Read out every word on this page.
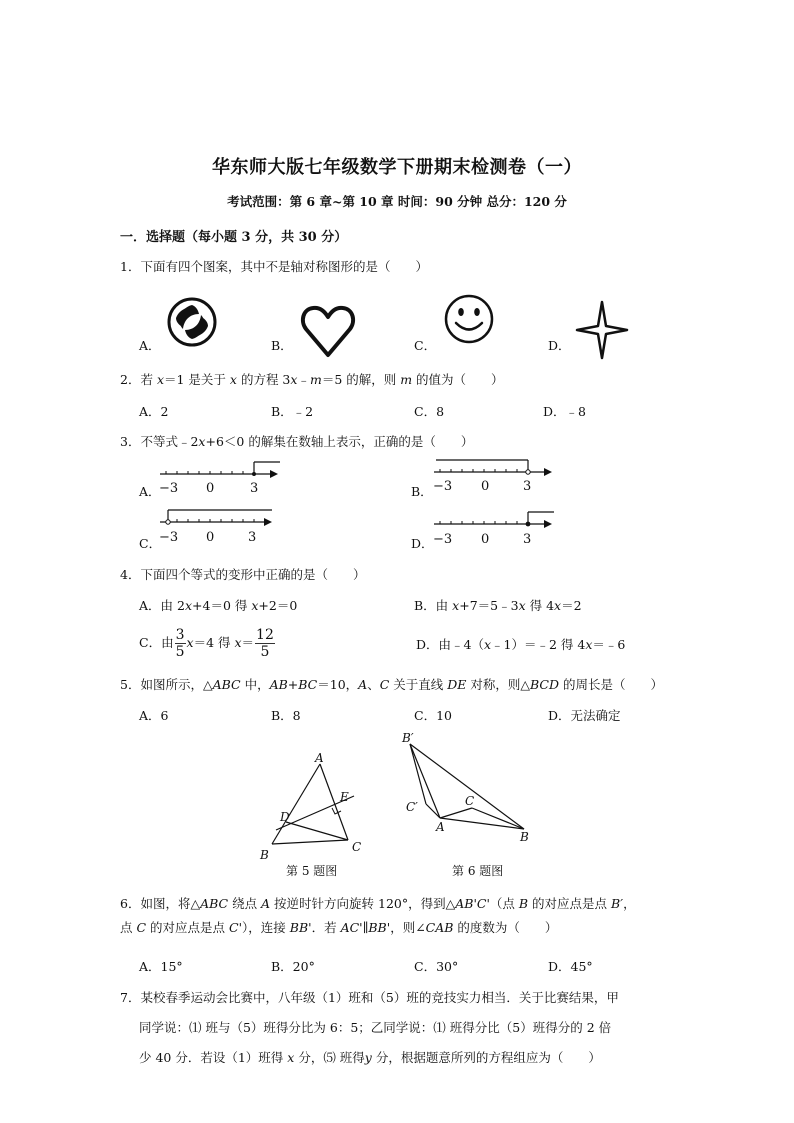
华东师大版七年级数学下册期末检测卷（一）
考试范围：第 6 章~第 10 章 时间：90 分钟 总分：120 分
一．选择题（每小题 3 分，共 30 分）
1．下面有四个图案，其中不是轴对称图形的是（　　）
A．	B．	C．	D．
2．若 x＝1 是关于 x 的方程 3x﹣m＝5 的解，则 m 的值为（　　）
A．2	B．﹣2	C．8	D．﹣8
3．不等式﹣2x+6＜0 的解集在数轴上表示，正确的是（　　）
A．
−3 0	3	B． −3 0	3
C．
−3 0	3	D． −3 0	3
4．下面四个等式的变形中正确的是（　　）
A．由 2x+4＝0 得 x+2＝0	B．由 x+7＝5﹣3x 得 4x＝2
C．由 $\frac{3}{5} x=4$ 得 $x= \frac{12}{5}$	D．由﹣4（x﹣1）＝﹣2 得 4x＝﹣6
5．如图所示，△ABC 中，AB+BC＝10，A、C 关于直线 DE 对称，则△BCD 的周长是（　　）
A．6	B．8	C．10	D．无法确定
A
E
D
B
C
第 5 题图
B′
C′	C
A
B
第 6 题图
6．如图，将△ABC 绕点 A 按逆时针方向旋转 120°，得到△AB'C'（点 B 的对应点是点 B′，
点 C 的对应点是点 C'），连接 BB'．若 AC'∥BB'，则∠CAB 的度数为（　　）
A．15°	B．20°	C．30°	D．45°
7．某校春季运动会比赛中，八年级（1）班和（5）班的竞技实力相当．关于比赛结果，甲
同学说：⑴ 班与（5）班得分比为 6：5；乙同学说：⑴ 班得分比（5）班得分的 2 倍
少 40 分．若设（1）班得 x 分，⑸ 班得y 分，根据题意所列的方程组应为（　　）
